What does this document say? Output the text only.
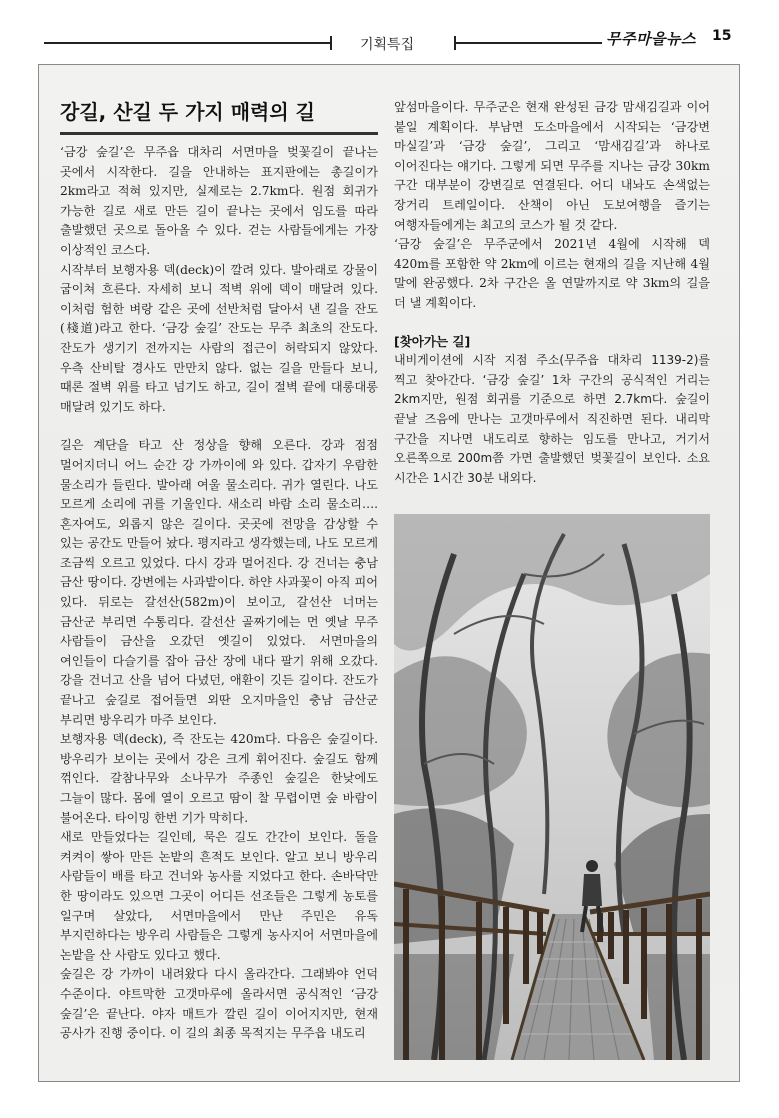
기획특집	무주마을뉴스 15
강길, 산길 두 가지 매력의 길

‘금강 숲길’은 무주읍 대차리 서면마을 벚꽃길이 끝나는 곳에서 시작한다. 길을 안내하는 표지판에는 총길이가 2km라고 적혀 있지만, 실제로는 2.7km다. 원점 회귀가 가능한 길로 새로 만든 길이 끝나는 곳에서 임도를 따라 출발했던 곳으로 돌아올 수 있다. 걷는 사람들에게는 가장 이상적인 코스다.

시작부터 보행자용 덱(deck)이 깔려 있다. 발아래로 강물이 굽이쳐 흐른다. 자세히 보니 적벽 위에 덱이 매달려 있다. 이처럼 험한 벼랑 같은 곳에 선반처럼 달아서 낸 길을 잔도(棧道)라고 한다. ‘금강 숲길’ 잔도는 무주 최초의 잔도다. 잔도가 생기기 전까지는 사람의 접근이 허락되지 않았다. 우측 산비탈 경사도 만만치 않다. 없는 길을 만들다 보니, 때론 절벽 위를 타고 넘기도 하고, 길이 절벽 끝에 대롱대롱 매달려 있기도 하다.

길은 계단을 타고 산 정상을 향해 오른다. 강과 점점 멀어지더니 어느 순간 강 가까이에 와 있다. 갑자기 우람한 물소리가 들린다. 발아래 여울 물소리다. 귀가 열린다. 나도 모르게 소리에 귀를 기울인다. 새소리 바람 소리 물소리…. 혼자여도, 외롭지 않은 길이다. 곳곳에 전망을 감상할 수 있는 공간도 만들어 놨다. 평지라고 생각했는데, 나도 모르게 조금씩 오르고 있었다. 다시 강과 멀어진다. 강 건너는 충남 금산 땅이다. 강변에는 사과밭이다. 하얀 사과꽃이 아직 피어 있다. 뒤로는 갈선산(582m)이 보이고, 갈선산 너머는 금산군 부리면 수통리다. 갈선산 골짜기에는 먼 옛날 무주 사람들이 금산을 오갔던 옛길이 있었다. 서면마을의 여인들이 다슬기를 잡아 금산 장에 내다 팔기 위해 오갔다. 강을 건너고 산을 넘어 다녔던, 애환이 깃든 길이다. 잔도가 끝나고 숲길로 접어들면 외딴 오지마을인 충남 금산군 부리면 방우리가 마주 보인다.

보행자용 덱(deck), 즉 잔도는 420m다. 다음은 숲길이다. 방우리가 보이는 곳에서 강은 크게 휘어진다. 숲길도 함께 꺾인다. 갈참나무와 소나무가 주종인 숲길은 한낮에도 그늘이 많다. 몸에 열이 오르고 땀이 찰 무렵이면 숲 바람이 불어온다. 타이밍 한번 기가 막히다.

새로 만들었다는 길인데, 묵은 길도 간간이 보인다. 돌을 켜켜이 쌓아 만든 논밭의 흔적도 보인다. 알고 보니 방우리 사람들이 배를 타고 건너와 농사를 지었다고 한다. 손바닥만 한 땅이라도 있으면 그곳이 어디든 선조들은 그렇게 농토를 일구며 살았다, 서면마을에서 만난 주민은 유독 부지런하다는 방우리 사람들은 그렇게 농사지어 서면마을에 논밭을 산 사람도 있다고 했다.

숲길은 강 가까이 내려왔다 다시 올라간다. 그래봐야 언덕 수준이다. 야트막한 고갯마루에 올라서면 공식적인 ‘금강 숲길’은 끝난다. 야자 매트가 깔린 길이 이어지지만, 현재 공사가 진행 중이다. 이 길의 최종 목적지는 무주읍 내도리

앞섬마을이다. 무주군은 현재 완성된 금강 맘새김길과 이어 붙일 계획이다. 부남면 도소마을에서 시작되는 ‘금강변 마실길’과 ‘금강 숲길’, 그리고 ‘맘새김길’과 하나로 이어진다는 얘기다. 그렇게 되면 무주를 지나는 금강 30km 구간 대부분이 강변길로 연결된다. 어디 내놔도 손색없는 장거리 트레일이다. 산책이 아닌 도보여행을 즐기는 여행자들에게는 최고의 코스가 될 것 같다.

‘금강 숲길’은 무주군에서 2021년 4월에 시작해 덱 420m를 포함한 약 2km에 이르는 현재의 길을 지난해 4월 말에 완공했다. 2차 구간은 올 연말까지로 약 3km의 길을 더 낼 계획이다.

[찾아가는 길]

내비게이션에 시작 지점 주소(무주읍 대차리 1139-2)를 찍고 찾아간다. ‘금강 숲길’ 1차 구간의 공식적인 거리는 2km지만, 원점 회귀를 기준으로 하면 2.7km다. 숲길이 끝날 즈음에 만나는 고갯마루에서 직진하면 된다. 내리막 구간을 지나면 내도리로 향하는 임도를 만나고, 거기서 오른쪽으로 200m쯤 가면 출발했던 벚꽃길이 보인다. 소요 시간은 1시간 30분 내외다.
